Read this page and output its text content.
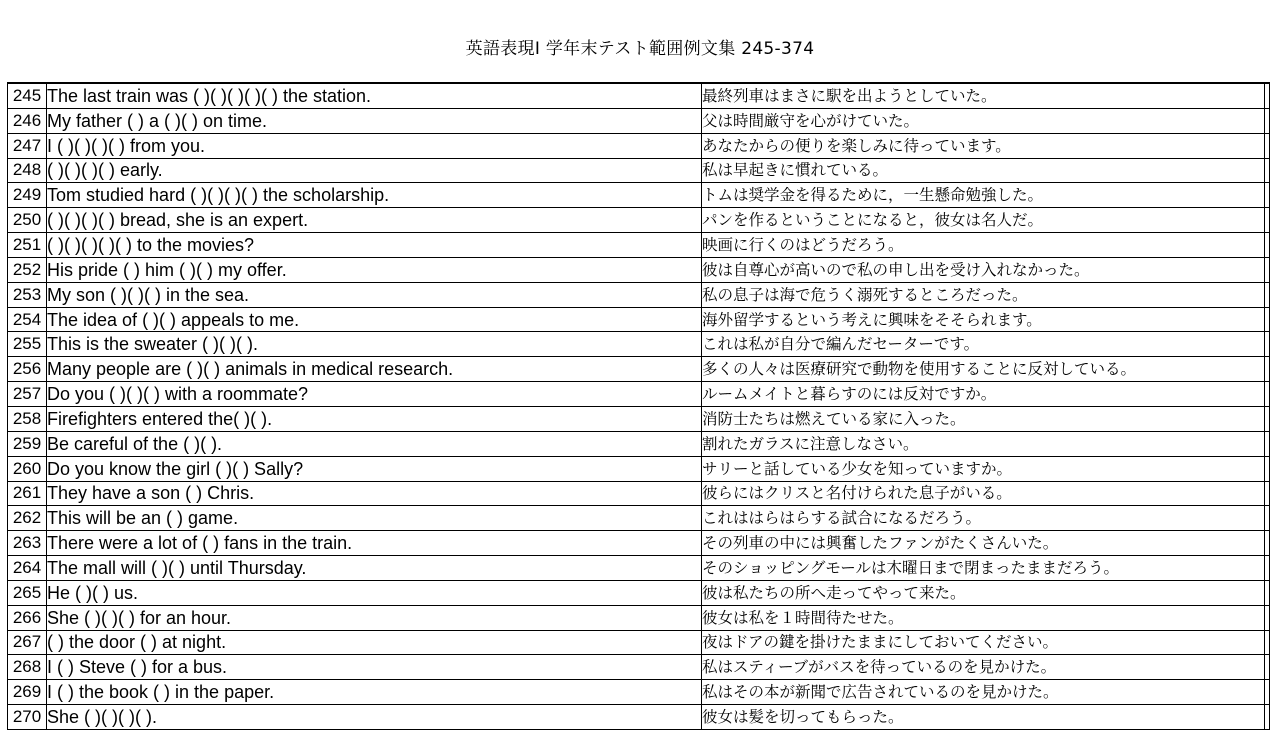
英語表現I 学年末テスト範囲例文集 245-374
245	The last train was ( )( )( )( )( ) the station.	最終列車はまさに駅を出ようとしていた。	
246	My father ( ) a ( )( ) on time.	父は時間厳守を心がけていた。	
247	I ( )( )( )( ) from you.	あなたからの便りを楽しみに待っています。	
248	( )( )( )( ) early.	私は早起きに慣れている。	
249	Tom studied hard ( )( )( )( ) the scholarship.	トムは奨学金を得るために，一生懸命勉強した。	
250	( )( )( )( ) bread, she is an expert.	パンを作るということになると，彼女は名人だ。	
251	( )( )( )( )( ) to the movies?	映画に行くのはどうだろう。	
252	His pride ( ) him ( )( ) my offer.	彼は自尊心が高いので私の申し出を受け入れなかった。	
253	My son ( )( )( ) in the sea.	私の息子は海で危うく溺死するところだった。	
254	The idea of ( )( ) appeals to me.	海外留学するという考えに興味をそそられます。	
255	This is the sweater ( )( )( ).	これは私が自分で編んだセーターです。	
256	Many people are ( )( ) animals in medical research.	多くの人々は医療研究で動物を使用することに反対している。	
257	Do you ( )( )( ) with a roommate?	ルームメイトと暮らすのには反対ですか。	
258	Firefighters entered the( )( ).	消防士たちは燃えている家に入った。	
259	Be careful of the ( )( ).	割れたガラスに注意しなさい。	
260	Do you know the girl ( )( ) Sally?	サリーと話している少女を知っていますか。	
261	They have a son ( ) Chris.	彼らにはクリスと名付けられた息子がいる。	
262	This will be an ( ) game.	これははらはらする試合になるだろう。	
263	There were a lot of ( ) fans in the train.	その列車の中には興奮したファンがたくさんいた。	
264	The mall will ( )( ) until Thursday.	そのショッピングモールは木曜日まで閉まったままだろう。	
265	He ( )( ) us.	彼は私たちの所へ走ってやって来た。	
266	She ( )( )( ) for an hour.	彼女は私を１時間待たせた。	
267	( ) the door ( ) at night.	夜はドアの鍵を掛けたままにしておいてください。	
268	I ( ) Steve ( ) for a bus.	私はスティーブがバスを待っているのを見かけた。	
269	I ( ) the book ( ) in the paper.	私はその本が新聞で広告されているのを見かけた。	
270	She ( )( )( )( ).	彼女は髪を切ってもらった。	
